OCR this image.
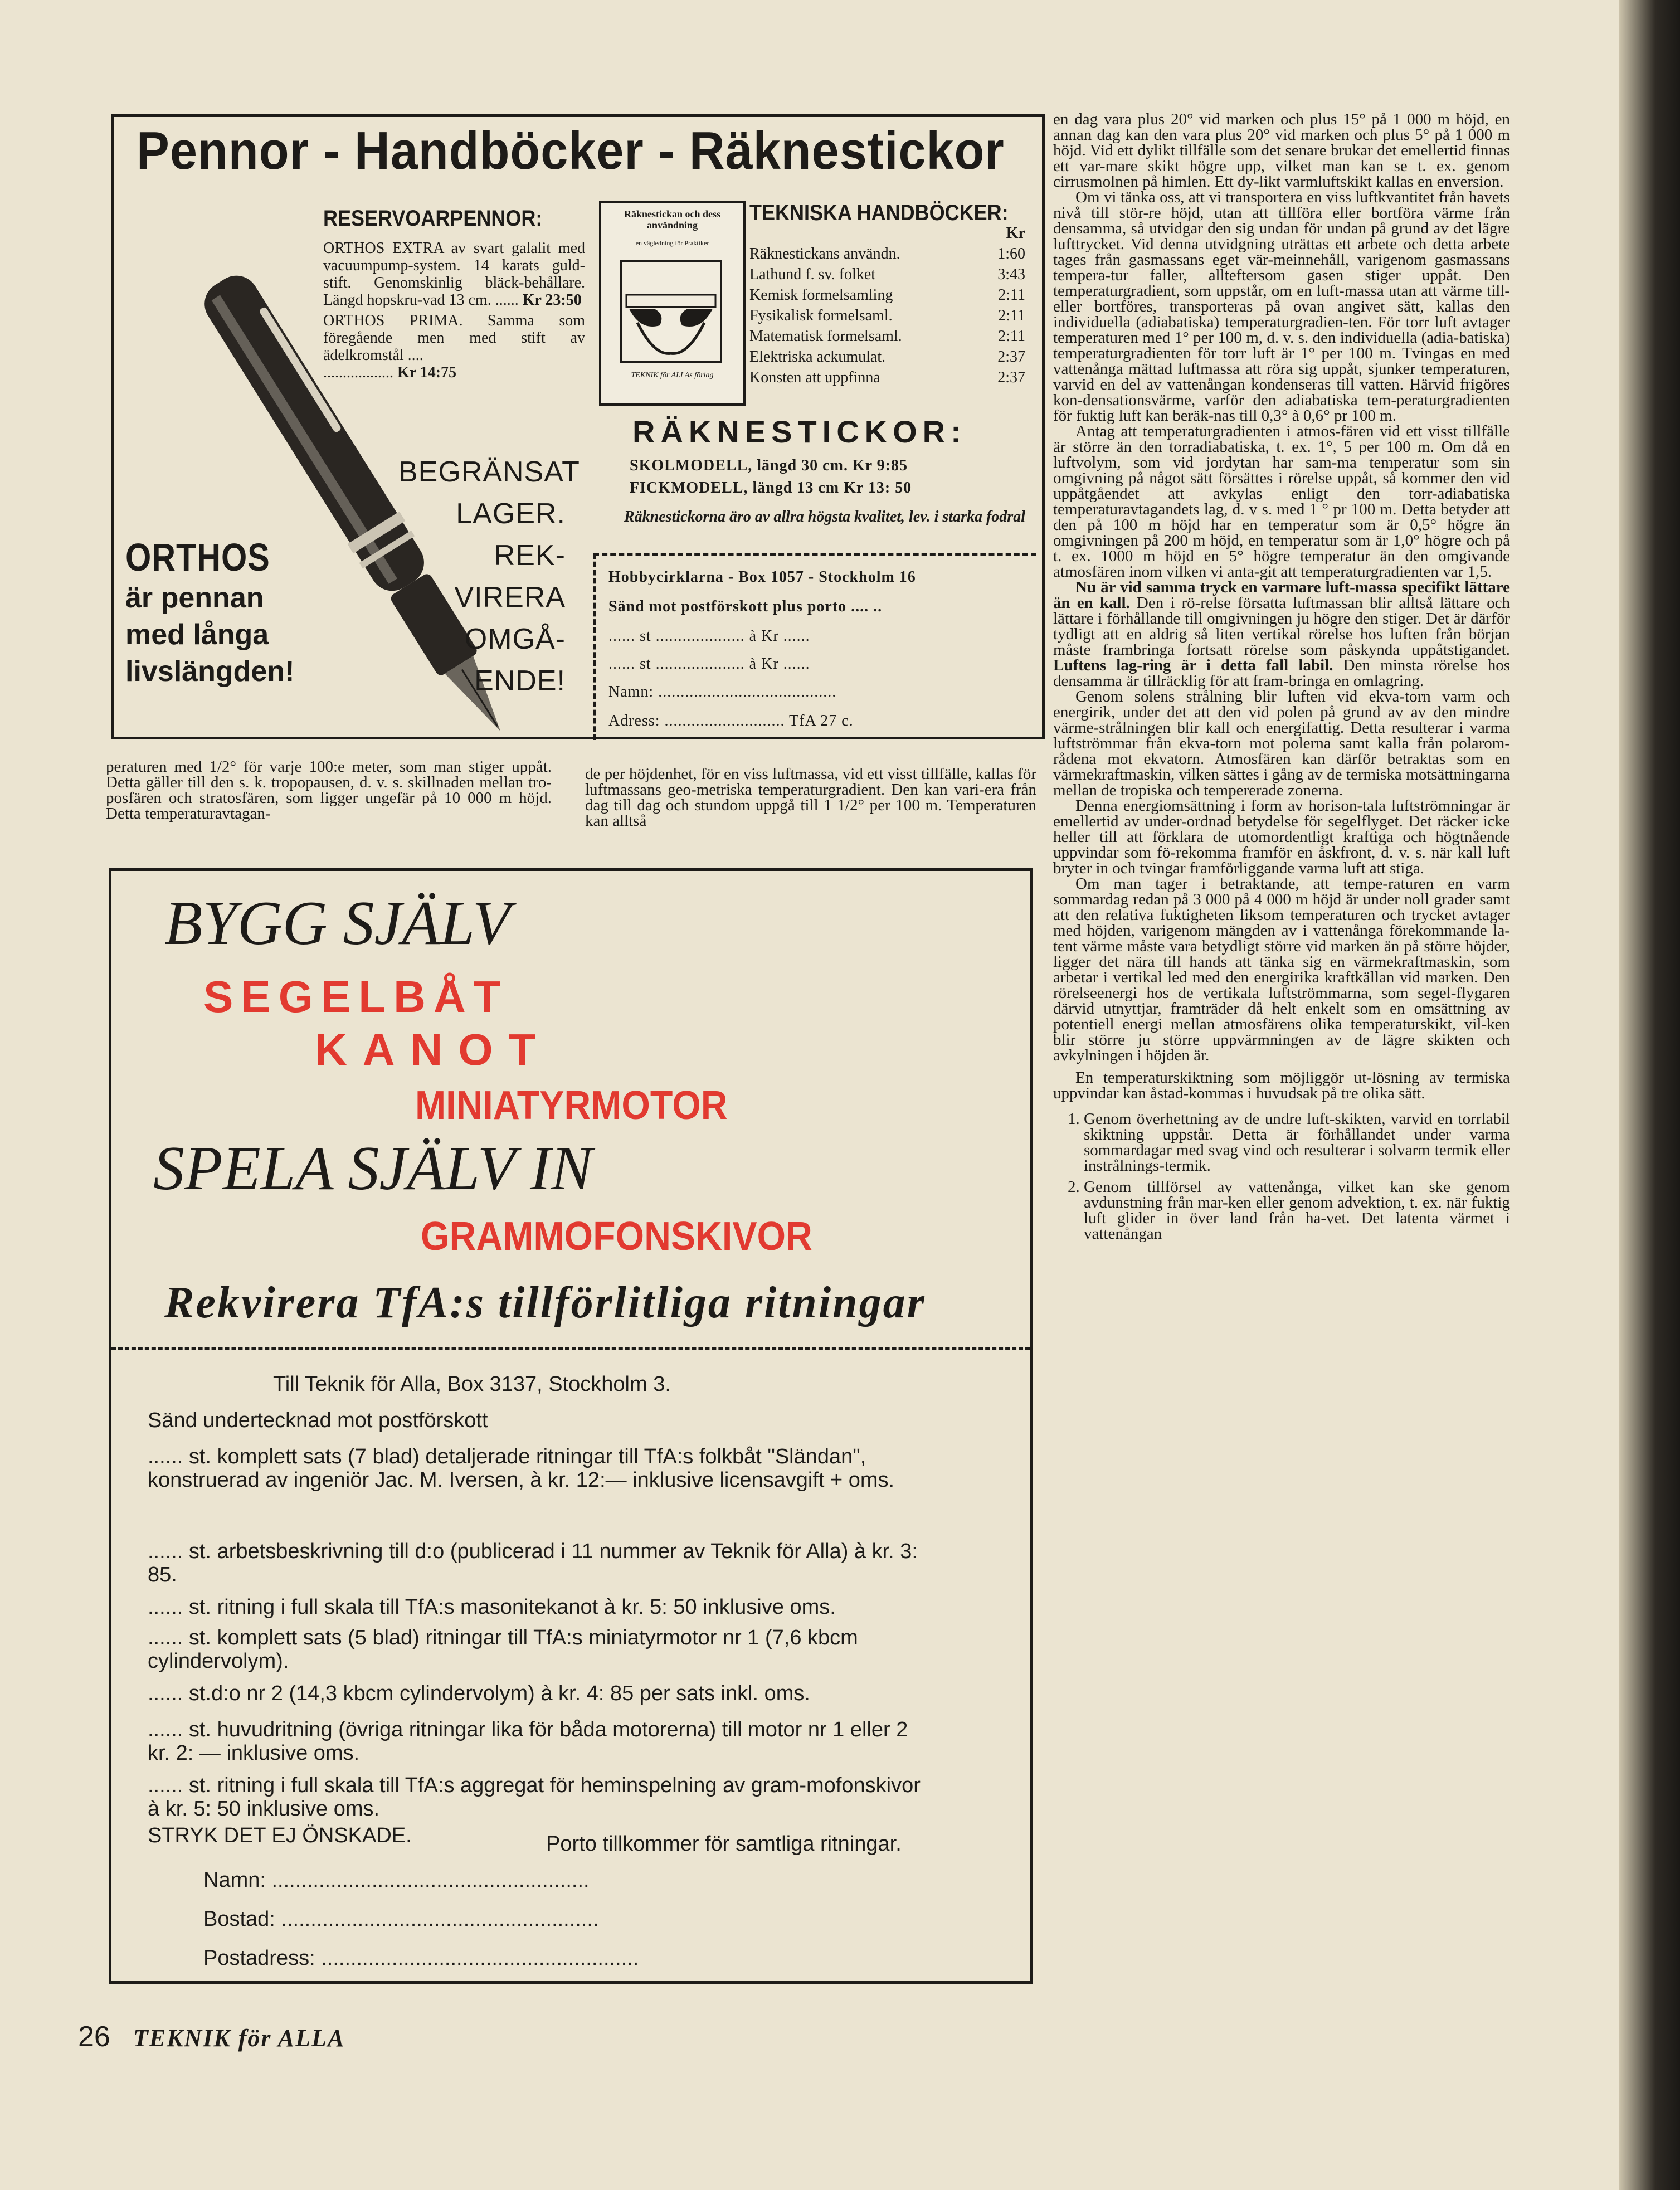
Pennor - Handböcker - Räknestickor
RESERVOARPENNOR:

ORTHOS EXTRA av svart galalit med vacuumpump-system. 14 karats guld-stift. Genomskinlig bläck-behållare. Längd hopskru-vad 13 cm. ...... Kr 23:50

ORTHOS PRIMA. Samma som föregående men med stift av ädelkromstål ....
.................. Kr 14:75

ORTHOS
är pennan
med långa
livslängden!
BEGRÄNSAT
LAGER. REK-
VIRERA
OMGÅ-
ENDE!
Räknestickan och dess användning
— en vägledning för Praktiker —
TEKNIK för ALLAs förlag
TEKNISKA HANDBÖCKER:
Kr
Räknestickans användn.	1:60
Lathund f. sv. folket	3:43
Kemisk formelsamling	2:11
Fysikalisk formelsaml.	2:11
Matematisk formelsaml.	2:11
Elektriska ackumulat.	2:37
Konsten att uppfinna	2:37
RÄKNESTICKOR:
SKOLMODELL, längd 30 cm. Kr 9:85
FICKMODELL, längd 13 cm Kr 13: 50
Räknestickorna äro av allra högsta kvalitet, lev. i starka fodral
Hobbycirklarna - Box 1057 - Stockholm 16
Sänd mot postförskott plus porto .... ..
...... st .................... à Kr ......
...... st .................... à Kr ......
Namn: ........................................
Adress: ........................... TfA 27 c.
peraturen med 1/2° för varje 100:e meter, som man stiger uppåt. Detta gäller till den s. k. tropopausen, d. v. s. skillnaden mellan tro-posfären och stratosfären, som ligger ungefär på 10 000 m höjd. Detta temperaturavtagan-
de per höjdenhet, för en viss luftmassa, vid ett visst tillfälle, kallas för luftmassans geo-metriska temperaturgradient. Den kan vari-era från dag till dag och stundom uppgå till 1 1/2° per 100 m. Temperaturen kan alltså

en dag vara plus 20° vid marken och plus 15° på 1 000 m höjd, en annan dag kan den vara plus 20° vid marken och plus 5° på 1 000 m höjd. Vid ett dylikt tillfälle som det senare brukar det emellertid finnas ett var-mare skikt högre upp, vilket man kan se t. ex. genom cirrusmolnen på himlen. Ett dy-likt varmluftskikt kallas en enversion.

Om vi tänka oss, att vi transportera en viss luftkvantitet från havets nivå till stör-re höjd, utan att tillföra eller bortföra värme från densamma, så utvidgar den sig undan för undan på grund av det lägre lufttrycket. Vid denna utvidgning uträttas ett arbete och detta arbete tages från gasmassans eget vär-meinnehåll, varigenom gasmassans tempera-tur faller, allteftersom gasen stiger uppåt. Den temperaturgradient, som uppstår, om en luft-massa utan att värme till- eller bortföres, transporteras på ovan angivet sätt, kallas den individuella (adiabatiska) temperaturgradien-ten. För torr luft avtager temperaturen med 1° per 100 m, d. v. s. den individuella (adia-batiska) temperaturgradienten för torr luft är 1° per 100 m. Tvingas en med vattenånga mättad luftmassa att röra sig uppåt, sjunker temperaturen, varvid en del av vattenångan kondenseras till vatten. Härvid frigöres kon-densationsvärme, varför den adiabatiska tem-peraturgradienten för fuktig luft kan beräk-nas till 0,3° à 0,6° pr 100 m.

Antag att temperaturgradienten i atmos-fären vid ett visst tillfälle är större än den torradiabatiska, t. ex. 1°, 5 per 100 m. Om då en luftvolym, som vid jordytan har sam-ma temperatur som sin omgivning på något sätt försättes i rörelse uppåt, så kommer den vid uppåtgåendet att avkylas enligt den torr-adiabatiska temperaturavtagandets lag, d. v s. med 1 ° pr 100 m. Detta betyder att den på 100 m höjd har en temperatur som är 0,5° högre än omgivningen på 200 m höjd, en temperatur som är 1,0° högre och på t. ex. 1000 m höjd en 5° högre temperatur än den omgivande atmosfären inom vilken vi anta-git att temperaturgradienten var 1,5.

Nu är vid samma tryck en varmare luft-massa specifikt lättare än en kall. Den i rö-relse försatta luftmassan blir alltså lättare och lättare i förhållande till omgivningen ju högre den stiger. Det är därför tydligt att en aldrig så liten vertikal rörelse hos luften från början måste frambringa fortsatt rörelse som påskynda uppåtstigandet. Luftens lag-ring är i detta fall labil. Den minsta rörelse hos densamma är tillräcklig för att fram-bringa en omlagring.

Genom solens strålning blir luften vid ekva-torn varm och energirik, under det att den vid polen på grund av av den mindre värme-strålningen blir kall och energifattig. Detta resulterar i varma luftströmmar från ekva-torn mot polerna samt kalla från polarom-rådena mot ekvatorn. Atmosfären kan därför betraktas som en värmekraftmaskin, vilken sättes i gång av de termiska motsättningarna mellan de tropiska och tempererade zonerna.

Denna energiomsättning i form av horison-tala luftströmningar är emellertid av under-ordnad betydelse för segelflyget. Det räcker icke heller till att förklara de utomordentligt kraftiga och högtnående uppvindar som fö-rekomma framför en åskfront, d. v. s. när kall luft bryter in och tvingar framförliggande varma luft att stiga.

Om man tager i betraktande, att tempe-raturen en varm sommardag redan på 3 000 på 4 000 m höjd är under noll grader samt att den relativa fuktigheten liksom temperaturen och trycket avtager med höjden, varigenom mängden av i vattenånga förekommande la-tent värme måste vara betydligt större vid marken än på större höjder, ligger det nära till hands att tänka sig en värmekraftmaskin, som arbetar i vertikal led med den energirika kraftkällan vid marken. Den rörelseenergi hos de vertikala luftströmmarna, som segel-flygaren därvid utnyttjar, framträder då helt enkelt som en omsättning av potentiell energi mellan atmosfärens olika temperaturskikt, vil-ken blir större ju större uppvärmningen av de lägre skikten och avkylningen i höjden är.

En temperaturskiktning som möjliggör ut-lösning av termiska uppvindar kan åstad-kommas i huvudsak på tre olika sätt.

1. Genom överhettning av de undre luft-skikten, varvid en torrlabil skiktning uppstår. Detta är förhållandet under varma sommardagar med svag vind och resulterar i solvarm termik eller instrålnings-termik.
2. Genom tillförsel av vattenånga, vilket kan ske genom avdunstning från mar-ken eller genom advektion, t. ex. när fuktig luft glider in över land från ha-vet. Det latenta värmet i vattenångan
BYGG SJÄLV
SEGELBÅT
KANOT
MINIATYRMOTOR
SPELA SJÄLV IN
GRAMMOFONSKIVOR
Rekvirera TfA:s tillförlitliga ritningar
Till Teknik för Alla, Box 3137, Stockholm 3.
Sänd undertecknad mot postförskott
...... st. komplett sats (7 blad) detaljerade ritningar till TfA:s folkbåt "Sländan", konstruerad av ingeniör Jac. M. Iversen, à kr. 12:— inklusive licensavgift + oms.
...... st. arbetsbeskrivning till d:o (publicerad i 11 nummer av Teknik för Alla) à kr. 3: 85.
...... st. ritning i full skala till TfA:s masonitekanot à kr. 5: 50 inklusive oms.
...... st. komplett sats (5 blad) ritningar till TfA:s miniatyrmotor nr 1 (7,6 kbcm cylindervolym).
...... st.d:o nr 2 (14,3 kbcm cylindervolym) à kr. 4: 85 per sats inkl. oms.
...... st. huvudritning (övriga ritningar lika för båda motorerna) till motor nr 1 eller 2 kr. 2: — inklusive oms.
...... st. ritning i full skala till TfA:s aggregat för heminspelning av gram-mofonskivor à kr. 5: 50 inklusive oms.
STRYK DET EJ ÖNSKADE.	Porto tillkommer för samtliga ritningar.
Namn: ......................................................
Bostad: ......................................................
Postadress: ......................................................
26 TEKNIK för ALLA
